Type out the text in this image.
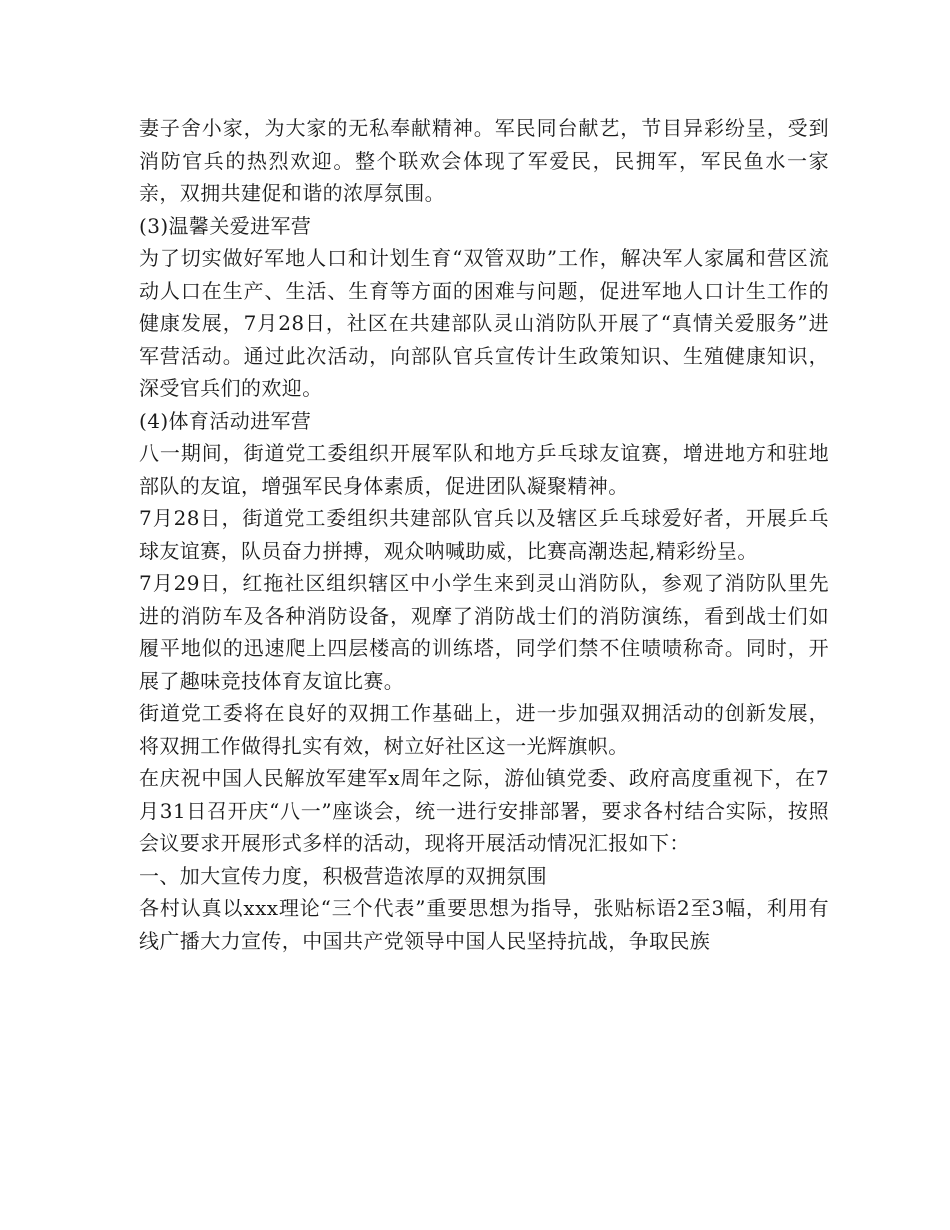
妻子舍小家，为大家的无私奉献精神。军民同台献艺，节目异彩纷呈，受到消防官兵的热烈欢迎。整个联欢会体现了军爱民，民拥军，军民鱼水一家亲，双拥共建促和谐的浓厚氛围。

(3)温馨关爱进军营

为了切实做好军地人口和计划生育“双管双助”工作，解决军人家属和营区流动人口在生产、生活、生育等方面的困难与问题，促进军地人口计生工作的健康发展，7月28日，社区在共建部队灵山消防队开展了“真情关爱服务”进军营活动。通过此次活动，向部队官兵宣传计生政策知识、生殖健康知识，深受官兵们的欢迎。

(4)体育活动进军营

八一期间，街道党工委组织开展军队和地方乒乓球友谊赛，增进地方和驻地部队的友谊，增强军民身体素质，促进团队凝聚精神。

7月28日，街道党工委组织共建部队官兵以及辖区乒乓球爱好者，开展乒乓球友谊赛，队员奋力拼搏，观众呐喊助威，比赛高潮迭起,精彩纷呈。

7月29日，红拖社区组织辖区中小学生来到灵山消防队，参观了消防队里先进的消防车及各种消防设备，观摩了消防战士们的消防演练，看到战士们如履平地似的迅速爬上四层楼高的训练塔，同学们禁不住啧啧称奇。同时，开展了趣味竞技体育友谊比赛。

街道党工委将在良好的双拥工作基础上，进一步加强双拥活动的创新发展，将双拥工作做得扎实有效，树立好社区这一光辉旗帜。

在庆祝中国人民解放军建军x周年之际，游仙镇党委、政府高度重视下，在7月31日召开庆“八一”座谈会，统一进行安排部署，要求各村结合实际，按照会议要求开展形式多样的活动，现将开展活动情况汇报如下：

一、加大宣传力度，积极营造浓厚的双拥氛围

各村认真以xxx理论“三个代表”重要思想为指导，张贴标语2至3幅，利用有线广播大力宣传，中国共产党领导中国人民坚持抗战，争取民族
